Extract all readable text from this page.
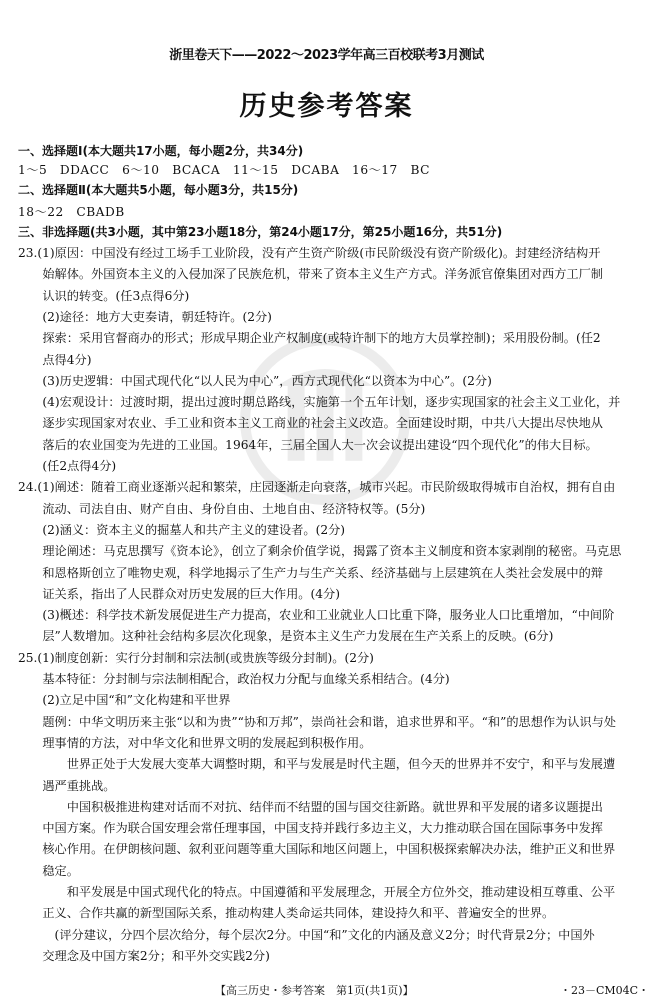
浙里卷天下——2022～2023学年高三百校联考3月测试
历史参考答案
一、选择题Ⅰ(本大题共17小题，每小题2分，共34分)
1～5　DDACC　6～10　BCACA　11～15　DCABA　16～17　BC
二、选择题Ⅱ(本大题共5小题，每小题3分，共15分)
18～22　CBADB
三、非选择题(共3小题，其中第23小题18分，第24小题17分，第25小题16分，共51分)
23.(1)原因：中国没有经过工场手工业阶段，没有产生资产阶级(市民阶级没有资产阶级化)。封建经济结构开
　　始解体。外国资本主义的入侵加深了民族危机，带来了资本主义生产方式。洋务派官僚集团对西方工厂制
　　认识的转变。(任3点得6分)
　　(2)途径：地方大吏奏请，朝廷特许。(2分)
　　探索：采用官督商办的形式；形成早期企业产权制度(或特许制下的地方大员掌控制)；采用股份制。(任2
　　点得4分)
　　(3)历史逻辑：中国式现代化“以人民为中心”，西方式现代化“以资本为中心”。(2分)
　　(4)宏观设计：过渡时期，提出过渡时期总路线，实施第一个五年计划，逐步实现国家的社会主义工业化，并
　　逐步实现国家对农业、手工业和资本主义工商业的社会主义改造。全面建设时期，中共八大提出尽快地从
　　落后的农业国变为先进的工业国。1964年，三届全国人大一次会议提出建设“四个现代化”的伟大目标。
　　(任2点得4分)
24.(1)阐述：随着工商业逐渐兴起和繁荣，庄园逐渐走向衰落，城市兴起。市民阶级取得城市自治权，拥有自由
　　流动、司法自由、财产自由、身份自由、土地自由、经济特权等。(5分)
　　(2)涵义：资本主义的掘墓人和共产主义的建设者。(2分)
　　理论阐述：马克思撰写《资本论》，创立了剩余价值学说，揭露了资本主义制度和资本家剥削的秘密。马克思
　　和恩格斯创立了唯物史观，科学地揭示了生产力与生产关系、经济基础与上层建筑在人类社会发展中的辩
　　证关系，指出了人民群众对历史发展的巨大作用。(4分)
　　(3)概述：科学技术新发展促进生产力提高，农业和工业就业人口比重下降，服务业人口比重增加，“中间阶
　　层”人数增加。这种社会结构多层次化现象，是资本主义生产力发展在生产关系上的反映。(6分)
25.(1)制度创新：实行分封制和宗法制(或贵族等级分封制)。(2分)
　　基本特征：分封制与宗法制相配合，政治权力分配与血缘关系相结合。(4分)
　　(2)立足中国“和”文化构建和平世界
　　题例：中华文明历来主张“以和为贵”“协和万邦”，崇尚社会和谐，追求世界和平。“和”的思想作为认识与处
　　理事情的方法，对中华文化和世界文明的发展起到积极作用。
　　　　世界正处于大发展大变革大调整时期，和平与发展是时代主题，但今天的世界并不安宁，和平与发展遭
　　遇严重挑战。
　　　　中国积极推进构建对话而不对抗、结伴而不结盟的国与国交往新路。就世界和平发展的诸多议题提出
　　中国方案。作为联合国安理会常任理事国，中国支持并践行多边主义，大力推动联合国在国际事务中发挥
　　核心作用。在伊朗核问题、叙利亚问题等重大国际和地区问题上，中国积极探索解决办法，维护正义和世界
　　稳定。
　　　　和平发展是中国式现代化的特点。中国遵循和平发展理念，开展全方位外交，推动建设相互尊重、公平
　　正义、合作共赢的新型国际关系，推动构建人类命运共同体，建设持久和平、普遍安全的世界。
　　　(评分建议，分四个层次给分，每个层次2分。中国“和”文化的内涵及意义2分；时代背景2分；中国外
　　交理念及中国方案2分；和平外交实践2分)
【高三历史・参考答案　第1页(共1页)】	・23－CM04C・
